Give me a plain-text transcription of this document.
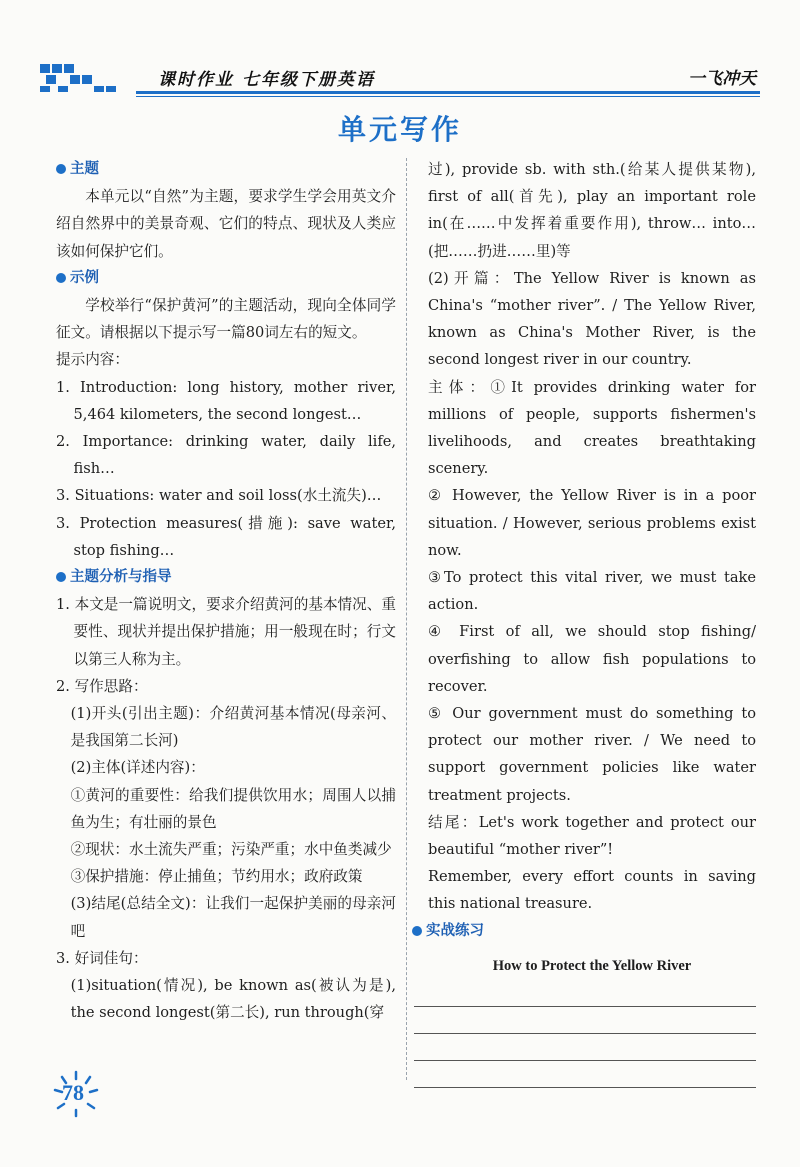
课时作业 七年级下册英语	一飞冲天
单元写作
主题

本单元以“自然”为主题，要求学生学会用英文介绍自然界中的美景奇观、它们的特点、现状及人类应该如何保护它们。

示例

学校举行“保护黄河”的主题活动，现向全体同学征文。请根据以下提示写一篇80词左右的短文。

提示内容：

1. Introduction: long history, mother river, 5,464 kilometers, the second longest…

2. Importance: drinking water, daily life, fish…

3. Situations: water and soil loss(水土流失)…

3. Protection measures(措施): save water, stop fishing…

主题分析与指导

1. 本文是一篇说明文，要求介绍黄河的基本情况、重要性、现状并提出保护措施；用一般现在时；行文以第三人称为主。

2. 写作思路：

(1)开头(引出主题)：介绍黄河基本情况(母亲河、是我国第二长河)

(2)主体(详述内容)：

①黄河的重要性：给我们提供饮用水；周围人以捕鱼为生；有壮丽的景色

②现状：水土流失严重；污染严重；水中鱼类减少

③保护措施：停止捕鱼；节约用水；政府政策

(3)结尾(总结全文)：让我们一起保护美丽的母亲河吧

3. 好词佳句：

(1)situation(情况), be known as(被认为是), the second longest(第二长), run through(穿

过), provide sb. with sth.(给某人提供某物), first of all(首先), play an important role in(在……中发挥着重要作用), throw… into…(把……扔进……里)等

(2)开篇：The Yellow River is known as China's “mother river”. / The Yellow River, known as China's Mother River, is the second longest river in our country.

主体：①It provides drinking water for millions of people, supports fishermen's livelihoods, and creates breathtaking scenery.

② However, the Yellow River is in a poor situation. / However, serious problems exist now.

③To protect this vital river, we must take action.

④ First of all, we should stop fishing/ overfishing to allow fish populations to recover.

⑤ Our government must do something to protect our mother river. / We need to support government policies like water treatment projects.

结尾：Let's work together and protect our beautiful “mother river”!

Remember, every effort counts in saving this national treasure.

实战练习
How to Protect the Yellow River
78
